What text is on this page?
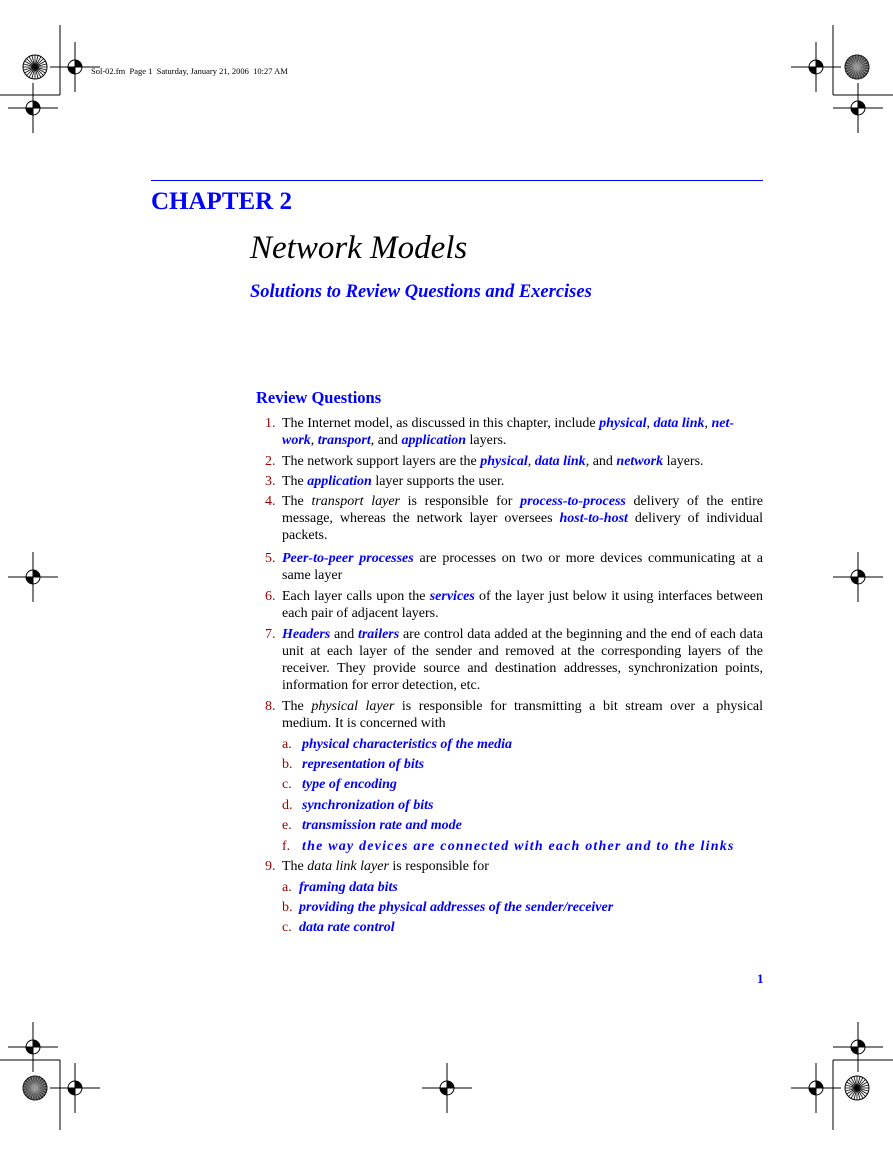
Sol-02.fm  Page 1  Saturday, January 21, 2006  10:27 AM
CHAPTER 2
Network Models
Solutions to Review Questions and Exercises
Review Questions
1. The Internet model, as discussed in this chapter, include physical, data link, net-
work, transport, and application layers.
2. The network support layers are the physical, data link, and network layers.
3. The application layer supports the user.
4. The transport layer is responsible for process-to-process delivery of the entire message, whereas the network layer oversees host-to-host delivery of individual packets.
5. Peer-to-peer processes are processes on two or more devices communicating at a same layer
6. Each layer calls upon the services of the layer just below it using interfaces between each pair of adjacent layers.
7. Headers and trailers are control data added at the beginning and the end of each data unit at each layer of the sender and removed at the corresponding layers of the receiver. They provide source and destination addresses, synchronization points, information for error detection, etc.
8. The physical layer is responsible for transmitting a bit stream over a physical medium. It is concerned with
a. physical characteristics of the media
b. representation of bits
c. type of encoding
d. synchronization of bits
e. transmission rate and mode
f. the way devices are connected with each other and to the links
9. The data link layer is responsible for
a. framing data bits
b. providing the physical addresses of the sender/receiver
c. data rate control
1
